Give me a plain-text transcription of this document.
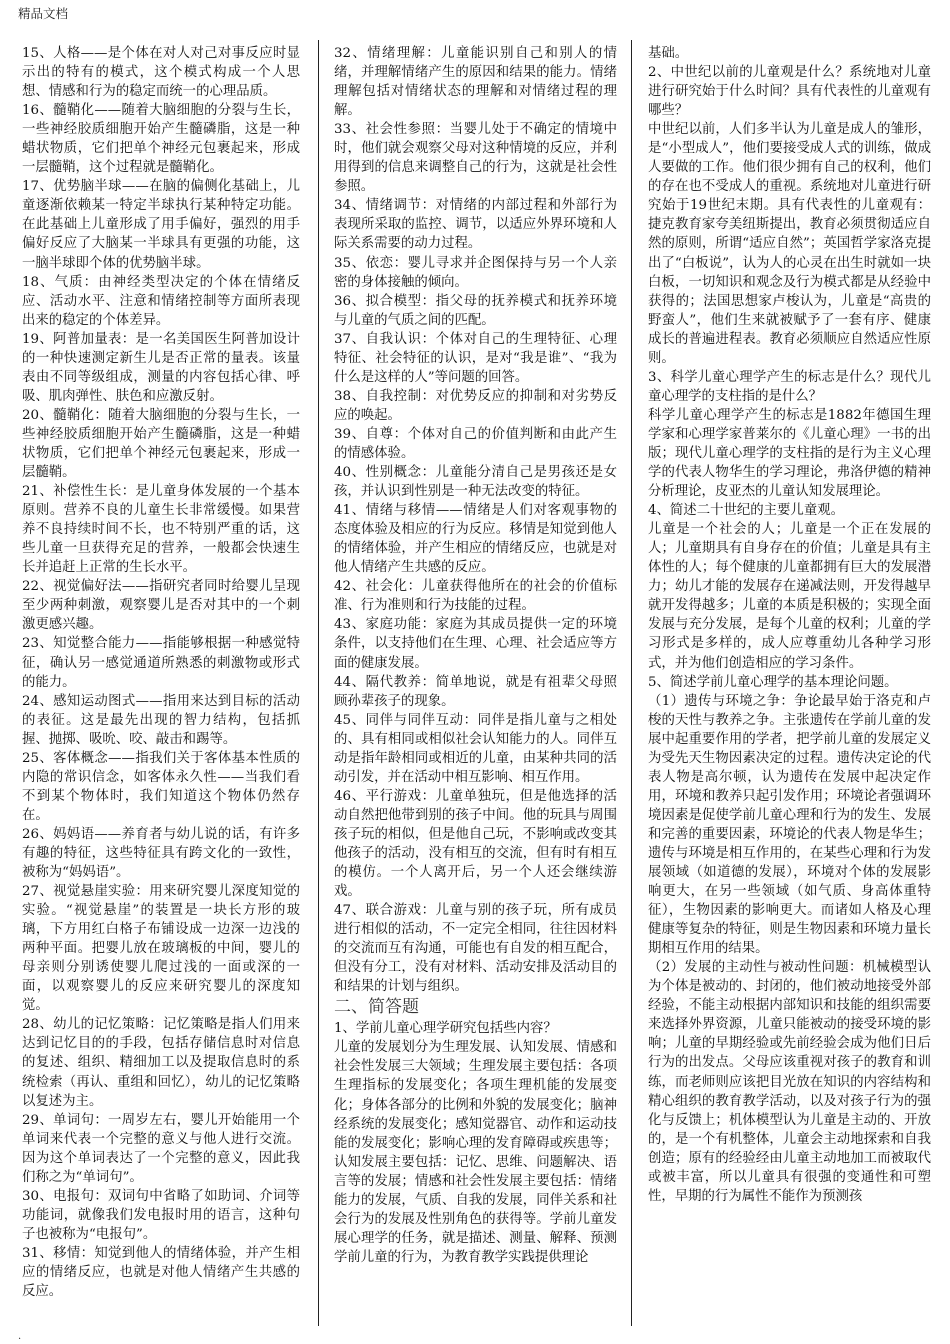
精品文档

15、人格——是个体在对人对己对事反应时显示出的特有的模式，这个模式构成一个人思想、情感和行为的稳定而统一的心理品质。

16、髓鞘化——随着大脑细胞的分裂与生长，一些神经胶质细胞开始产生髓磷脂，这是一种蜡状物质，它们把单个神经元包裹起来，形成一层髓鞘，这个过程就是髓鞘化。

17、优势脑半球——在脑的偏侧化基础上，儿童逐渐依赖某一特定半球执行某种特定功能。在此基础上儿童形成了用手偏好，强烈的用手偏好反应了大脑某一半球具有更强的功能，这一脑半球即个体的优势脑半球。

18、气质：由神经类型决定的个体在情绪反应、活动水平、注意和情绪控制等方面所表现出来的稳定的个体差异。

19、阿普加量表：是一名美国医生阿普加设计的一种快速测定新生儿是否正常的量表。该量表由不同等级组成，测量的内容包括心律、呼吸、肌肉弹性、肤色和应激反射。

20、髓鞘化：随着大脑细胞的分裂与生长，一些神经胶质细胞开始产生髓磷脂，这是一种蜡状物质，它们把单个神经元包裹起来，形成一层髓鞘。

21、补偿性生长：是儿童身体发展的一个基本原则。营养不良的儿童生长非常缓慢。如果营养不良持续时间不长，也不特别严重的话，这些儿童一旦获得充足的营养，一般都会快速生长并追赶上正常的生长水平。

22、视觉偏好法——指研究者同时给婴儿呈现至少两种刺激，观察婴儿是否对其中的一个刺激更感兴趣。

23、知觉整合能力——指能够根据一种感觉特征，确认另一感觉通道所熟悉的刺激物或形式的能力。

24、感知运动图式——指用来达到目标的活动的表征。这是最先出现的智力结构，包括抓握、抛掷、吸吮、咬、敲击和踢等。

25、客体概念——指我们关于客体基本性质的内隐的常识信念，如客体永久性——当我们看不到某个物体时，我们知道这个物体仍然存在。

26、妈妈语——养育者与幼儿说的话，有许多有趣的特征，这些特征具有跨文化的一致性，被称为“妈妈语”。

27、视觉悬崖实验：用来研究婴儿深度知觉的实验。“视觉悬崖”的装置是一块长方形的玻璃，下方用红白格子布铺设成一边深一边浅的两种平面。把婴儿放在玻璃板的中间，婴儿的母亲则分别诱使婴儿爬过浅的一面或深的一面，以观察婴儿的反应来研究婴儿的深度知觉。

28、幼儿的记忆策略：记忆策略是指人们用来达到记忆目的的手段，包括存储信息时对信息的复述、组织、精细加工以及提取信息时的系统检索（再认、重组和回忆），幼儿的记忆策略以复述为主。

29、单词句：一周岁左右，婴儿开始能用一个单词来代表一个完整的意义与他人进行交流。因为这个单词表达了一个完整的意义，因此我们称之为“单词句”。

30、电报句：双词句中省略了如助词、介词等功能词，就像我们发电报时用的语言，这种句子也被称为“电报句”。

31、移情：知觉到他人的情绪体验，并产生相应的情绪反应，也就是对他人情绪产生共感的反应。

32、情绪理解：儿童能识别自己和别人的情绪，并理解情绪产生的原因和结果的能力。情绪理解包括对情绪状态的理解和对情绪过程的理解。

33、社会性参照：当婴儿处于不确定的情境中时，他们就会观察父母对这种情境的反应，并利用得到的信息来调整自己的行为，这就是社会性参照。

34、情绪调节：对情绪的内部过程和外部行为表现所采取的监控、调节，以适应外界环境和人际关系需要的动力过程。

35、依恋：婴儿寻求并企图保持与另一个人亲密的身体接触的倾向。

36、拟合模型：指父母的抚养模式和抚养环境与儿童的气质之间的匹配。

37、自我认识：个体对自己的生理特征、心理特征、社会特征的认识，是对“我是谁”、“我为什么是这样的人”等问题的回答。

38、自我控制：对优势反应的抑制和对劣势反应的唤起。

39、自尊：个体对自己的价值判断和由此产生的情感体验。

40、性别概念：儿童能分清自己是男孩还是女孩，并认识到性别是一种无法改变的特征。

41、情绪与移情——情绪是人们对客观事物的态度体验及相应的行为反应。移情是知觉到他人的情绪体验，并产生相应的情绪反应，也就是对他人情绪产生共感的反应。

42、社会化：儿童获得他所在的社会的价值标准、行为准则和行为技能的过程。

43、家庭功能：家庭为其成员提供一定的环境条件，以支持他们在生理、心理、社会适应等方面的健康发展。

44、隔代教养：简单地说，就是有祖辈父母照顾孙辈孩子的现象。

45、同伴与同伴互动：同伴是指儿童与之相处的、具有相同或相似社会认知能力的人。同伴互动是指年龄相同或相近的儿童，由某种共同的活动引发，并在活动中相互影响、相互作用。

46、平行游戏：儿童单独玩，但是他选择的活动自然把他带到别的孩子中间。他的玩具与周围孩子玩的相似，但是他自己玩，不影响或改变其他孩子的活动，没有相互的交流，但有时有相互的模仿。一个人离开后，另一个人还会继续游戏。

47、联合游戏：儿童与别的孩子玩，所有成员进行相似的活动，不一定完全相同，往往因材料的交流而互有沟通，可能也有自发的相互配合，但没有分工，没有对材料、活动安排及活动目的和结果的计划与组织。

二、简答题

1、学前儿童心理学研究包括些内容？

儿童的发展划分为生理发展、认知发展、情感和社会性发展三大领域；生理发展主要包括：各项生理指标的发展变化；各项生理机能的发展变化；身体各部分的比例和外貌的发展变化；脑神经系统的发展变化；感知觉器官、动作和运动技能的发展变化；影响心理的发育障碍或疾患等；认知发展主要包括：记忆、思维、问题解决、语言等的发展；情感和社会性发展主要包括：情绪能力的发展，气质、自我的发展，同伴关系和社会行为的发展及性别角色的获得等。学前儿童发展心理学的任务，就是描述、测量、解释、预测学前儿童的行为，为教育教学实践提供理论

基础。

2、中世纪以前的儿童观是什么？系统地对儿童进行研究始于什么时间？具有代表性的儿童观有哪些？

中世纪以前，人们多半认为儿童是成人的雏形，是“小型成人”，他们要接受成人式的训练，做成人要做的工作。他们很少拥有自己的权利，他们的存在也不受成人的重视。系统地对儿童进行研究始于19世纪末期。具有代表性的儿童观有：捷克教育家夸美纽斯提出，教育必须贯彻适应自然的原则，所谓“适应自然”；英国哲学家洛克提出了“白板说”，认为人的心灵在出生时就如一块白板，一切知识和观念及行为模式都是从经验中获得的；法国思想家卢梭认为，儿童是“高贵的野蛮人”，他们生来就被赋予了一套有序、健康成长的普遍进程表。教育必须顺应自然适应性原则。

3、科学儿童心理学产生的标志是什么？现代儿童心理学的支柱指的是什么？

科学儿童心理学产生的标志是1882年德国生理学家和心理学家普莱尔的《儿童心理》一书的出版；现代儿童心理学的支柱指的是行为主义心理学的代表人物华生的学习理论，弗洛伊德的精神分析理论，皮亚杰的儿童认知发展理论。

4、简述二十世纪的主要儿童观。

儿童是一个社会的人；儿童是一个正在发展的人；儿童期具有自身存在的价值；儿童是具有主体性的人；每个健康的儿童都拥有巨大的发展潜力；幼儿才能的发展存在递减法则，开发得越早就开发得越多；儿童的本质是积极的；实现全面发展与充分发展，是每个儿童的权利；儿童的学习形式是多样的，成人应尊重幼儿各种学习形式，并为他们创造相应的学习条件。

5、简述学前儿童心理学的基本理论问题。

（1）遗传与环境之争：争论最早始于洛克和卢梭的天性与教养之争。主张遗传在学前儿童的发展中起重要作用的学者，把学前儿童的发展定义为受先天生物因素决定的过程。遗传决定论的代表人物是高尔顿，认为遗传在发展中起决定作用，环境和教养只起引发作用；环境论者强调环境因素是促使学前儿童心理和行为的发生、发展和完善的重要因素，环境论的代表人物是华生；遗传与环境是相互作用的，在某些心理和行为发展领域（如道德的发展），环境对个体的发展影响更大，在另一些领域（如气质、身高体重特征），生物因素的影响更大。而诸如人格及心理健康等复杂的特征，则是生物因素和环境力量长期相互作用的结果。

（2）发展的主动性与被动性问题：机械模型认为个体是被动的、封闭的，他们被动地接受外部经验，不能主动根据内部知识和技能的组织需要来选择外界资源，儿童只能被动的接受环境的影响；儿童的早期经验或先前经验会成为他们日后行为的出发点。父母应该重视对孩子的教育和训练，而老师则应该把目光放在知识的内容结构和精心组织的教育教学活动，以及对孩子行为的强化与反馈上；机体模型认为儿童是主动的、开放的，是一个有机整体，儿童会主动地探索和自我创造；原有的经验经由儿童主动地加工而被取代或被丰富，所以儿童具有很强的变通性和可塑性，早期的行为属性不能作为预测孩

.
